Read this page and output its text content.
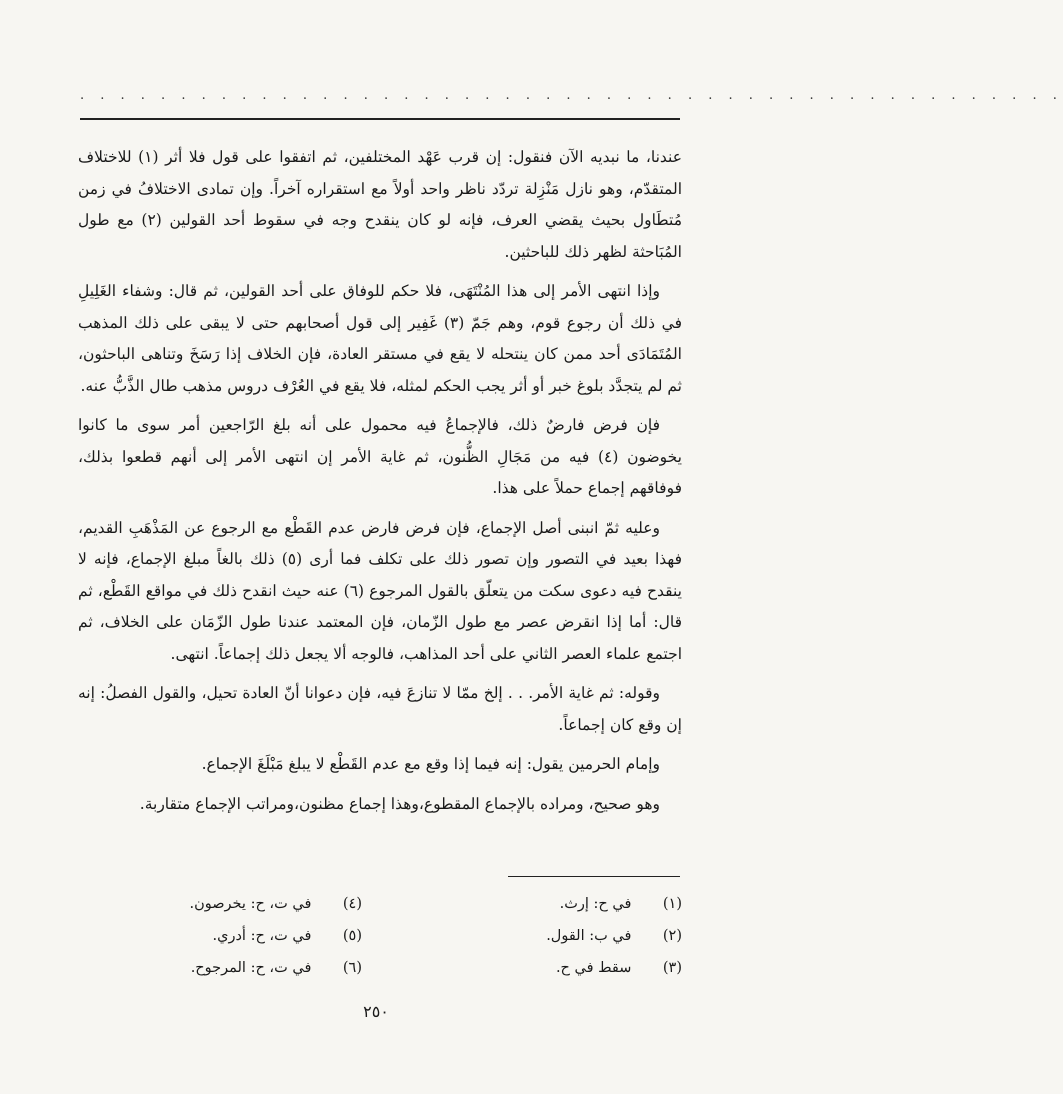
. . . . . . . . . . . . . . . . . . . . . . . . . . . . . . . . . . . . . . . . . . . . . . . . .

عندنا، ما نبديه الآن فنقول: إن قرب عَهْد المختلفين، ثم اتفقوا على قول فلا أثر (١) للاختلاف المتقدّم، وهو نازل مَنْزِلة تردّد ناظر واحد أولاً مع استقراره آخراً. وإن تمادى الاختلافُ في زمن مُتطَاول بحيث يقضي العرف، فإنه لو كان ينقدح وجه في سقوط أحد القولين (٢) مع طول المُبَاحثة لظهر ذلك للباحثين.

وإذا انتهى الأمر إلى هذا المُنْتَهَى، فلا حكم للوفاق على أحد القولين، ثم قال: وشفاء الغَلِيلِ في ذلك أن رجوع قوم، وهم جَمّ (٣) غَفِير إلى قول أصحابهم حتى لا يبقى على ذلك المذهب المُتَمَادَى أحد ممن كان ينتحله لا يقع في مستقر العادة، فإن الخلاف إذا رَسَخَ وتناهى الباحثون، ثم لم يتجدَّد بلوغ خبر أو أثر يجب الحكم لمثله، فلا يقع في العُرْف دروس مذهب طال الذَّبُّ عنه.

فإن فرض فارضٌ ذلك، فالإجماعُ فيه محمول على أنه بلغ الرّاجعين أمر سوى ما كانوا يخوضون (٤) فيه من مَجَالِ الظُّنون، ثم غاية الأمر إن انتهى الأمر إلى أنهم قطعوا بذلك، فوفاقهم إجماع حملاً على هذا.

وعليه ثمّ انبنى أصل الإجماع، فإن فرض فارض عدم القَطْع مع الرجوع عن المَذْهَبِ القديم، فهذا بعيد في التصور وإن تصور ذلك على تكلف فما أرى (٥) ذلك بالغاً مبلغ الإجماع، فإنه لا ينقدح فيه دعوى سكت من يتعلّق بالقول المرجوع (٦) عنه حيث انقدح ذلك في مواقع القَطْع، ثم قال: أما إذا انقرض عصر مع طول الزّمان، فإن المعتمد عندنا طول الزّمَان على الخلاف، ثم اجتمع علماء العصر الثاني على أحد المذاهب، فالوجه ألا يجعل ذلك إجماعاً. انتهى.

وقوله: ثم غاية الأمر. . . إلخ ممّا لا تنازعَ فيه، فإن دعوانا أنّ العادة تحيل، والقول الفصلُ: إنه إن وقع كان إجماعاً.

وإمام الحرمين يقول: إنه فيما إذا وقع مع عدم القَطْع لا يبلغ مَبْلَغَ الإجماع.

وهو صحيح، ومراده بالإجماع المقطوع،وهذا إجماع مظنون،ومراتب الإجماع متقاربة.

(١) في ح: إرث.
(٢) في ب: القول.
(٣) سقط في ح.
(٤) في ت، ح: يخرصون.
(٥) في ت، ح: أدري.
(٦) في ت، ح: المرجوح.
٢٥٠
